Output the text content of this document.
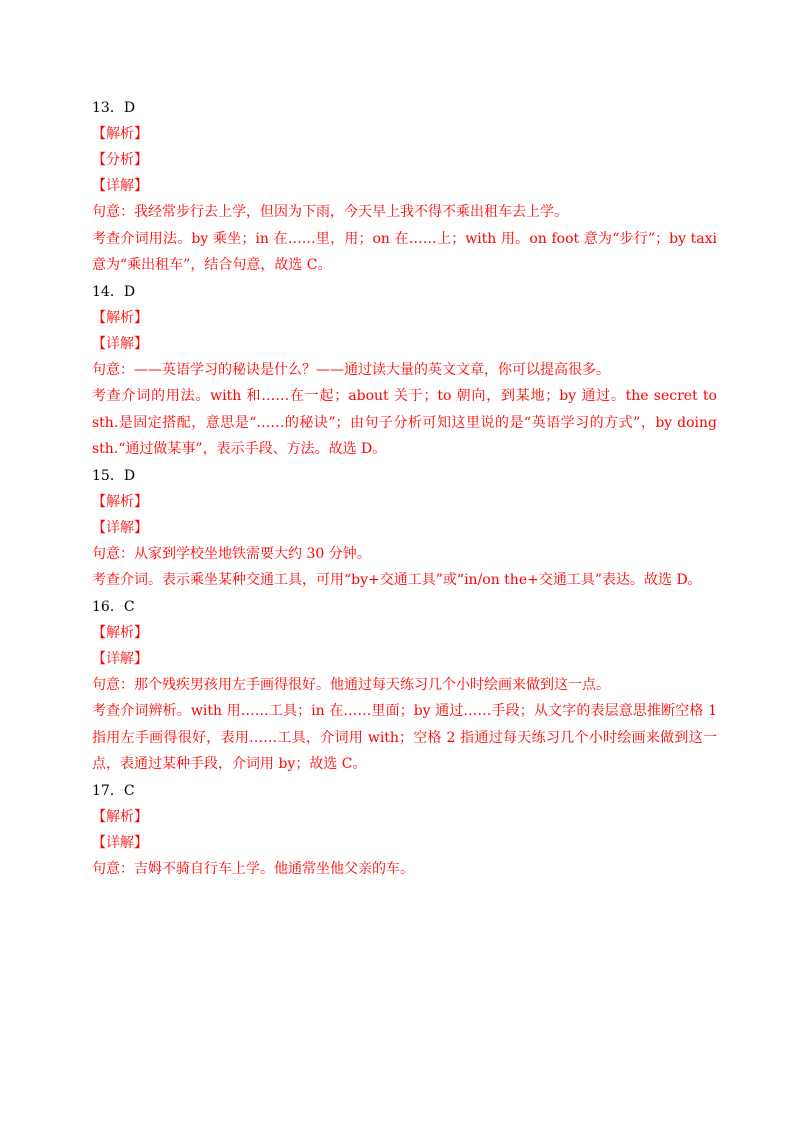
13．D
【解析】
【分析】
【详解】
句意：我经常步行去上学，但因为下雨，今天早上我不得不乘出租车去上学。
考查介词用法。by 乘坐；in 在……里，用；on 在……上；with 用。on foot 意为“步行”；by taxi 意为“乘出租车”，结合句意，故选 C。
14．D
【解析】
【详解】
句意：——英语学习的秘诀是什么？——通过读大量的英文文章，你可以提高很多。
考查介词的用法。with 和……在一起；about 关于；to 朝向，到某地；by 通过。the secret to sth.是固定搭配，意思是“……的秘诀”；由句子分析可知这里说的是“英语学习的方式”，by doing sth.“通过做某事”，表示手段、方法。故选 D。
15．D
【解析】
【详解】
句意：从家到学校坐地铁需要大约 30 分钟。
考查介词。表示乘坐某种交通工具，可用“by+交通工具”或“in/on the+交通工具”表达。故选 D。
16．C
【解析】
【详解】
句意：那个残疾男孩用左手画得很好。他通过每天练习几个小时绘画来做到这一点。
考查介词辨析。with 用……工具；in 在……里面；by 通过……手段；从文字的表层意思推断空格 1 指用左手画得很好，表用……工具，介词用 with；空格 2 指通过每天练习几个小时绘画来做到这一点，表通过某种手段，介词用 by；故选 C。
17．C
【解析】
【详解】
句意：吉姆不骑自行车上学。他通常坐他父亲的车。
